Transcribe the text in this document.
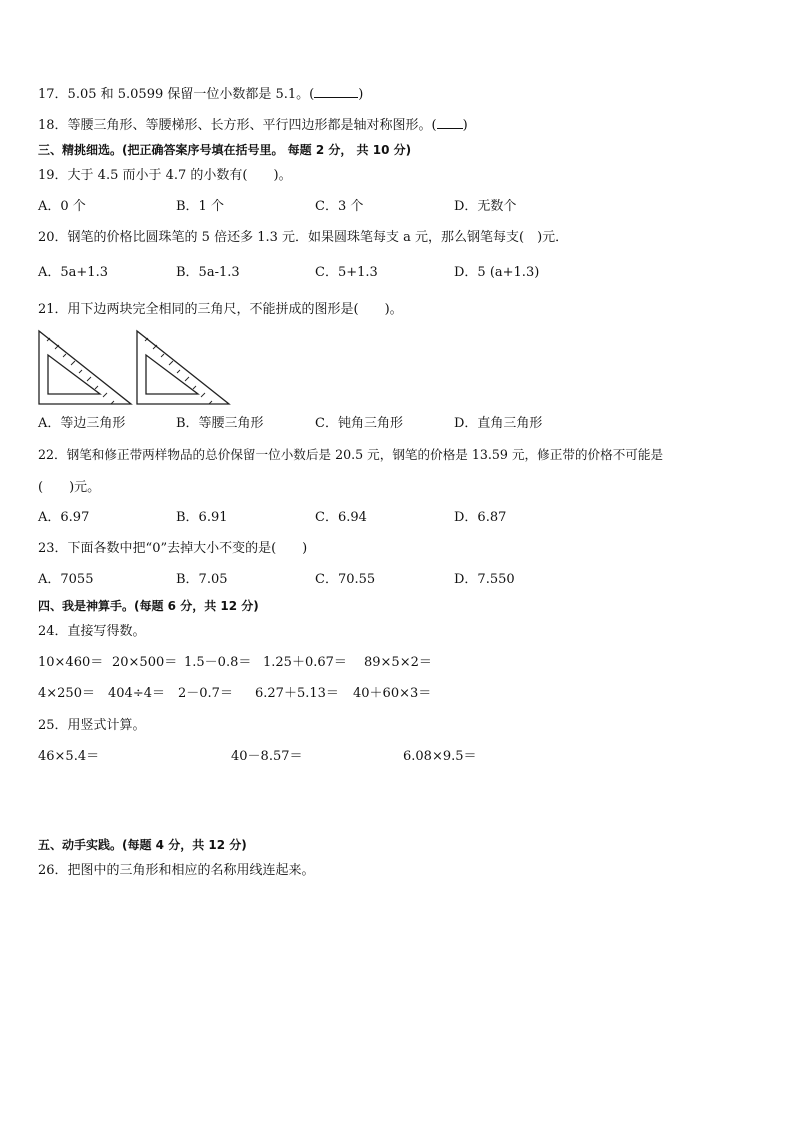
17．5.05 和 5.0599 保留一位小数都是 5.1。(	)
18．等腰三角形、等腰梯形、长方形、平行四边形都是轴对称图形。( )
三、精挑细选。(把正确答案序号填在括号里。 每题 2 分， 共 10 分)
19．大于 4.5 而小于 4.7 的小数有(　　)。
A．0 个	B．1 个	C．3 个	D．无数个
20．钢笔的价格比圆珠笔的 5 倍还多 1.3 元．如果圆珠笔每支 a 元，那么钢笔每支(　)元．
A．5a+1.3	B．5a-1.3	C．5+1.3	D．5 (a+1.3)
21．用下边两块完全相同的三角尺，不能拼成的图形是(　　)。
A．等边三角形	B．等腰三角形	C．钝角三角形	D．直角三角形
22．钢笔和修正带两样物品的总价保留一位小数后是 20.5 元，钢笔的价格是 13.59 元，修正带的价格不可能是
(　　)元。
A．6.97	B．6.91	C．6.94	D．6.87
23．下面各数中把“0”去掉大小不变的是(　　)
A．7055	B．7.05	C．70.55	D．7.550
四、我是神算手。(每题 6 分，共 12 分)
24．直接写得数。
10×460＝ 20×500＝ 1.5－0.8＝ 1.25＋0.67＝ 89×5×2＝
4×250＝ 404÷4＝ 2－0.7＝ 6.27＋5.13＝ 40＋60×3＝
25．用竖式计算。
46×5.4＝	40－8.57＝	6.08×9.5＝
五、动手实践。(每题 4 分，共 12 分)
26．把图中的三角形和相应的名称用线连起来。
